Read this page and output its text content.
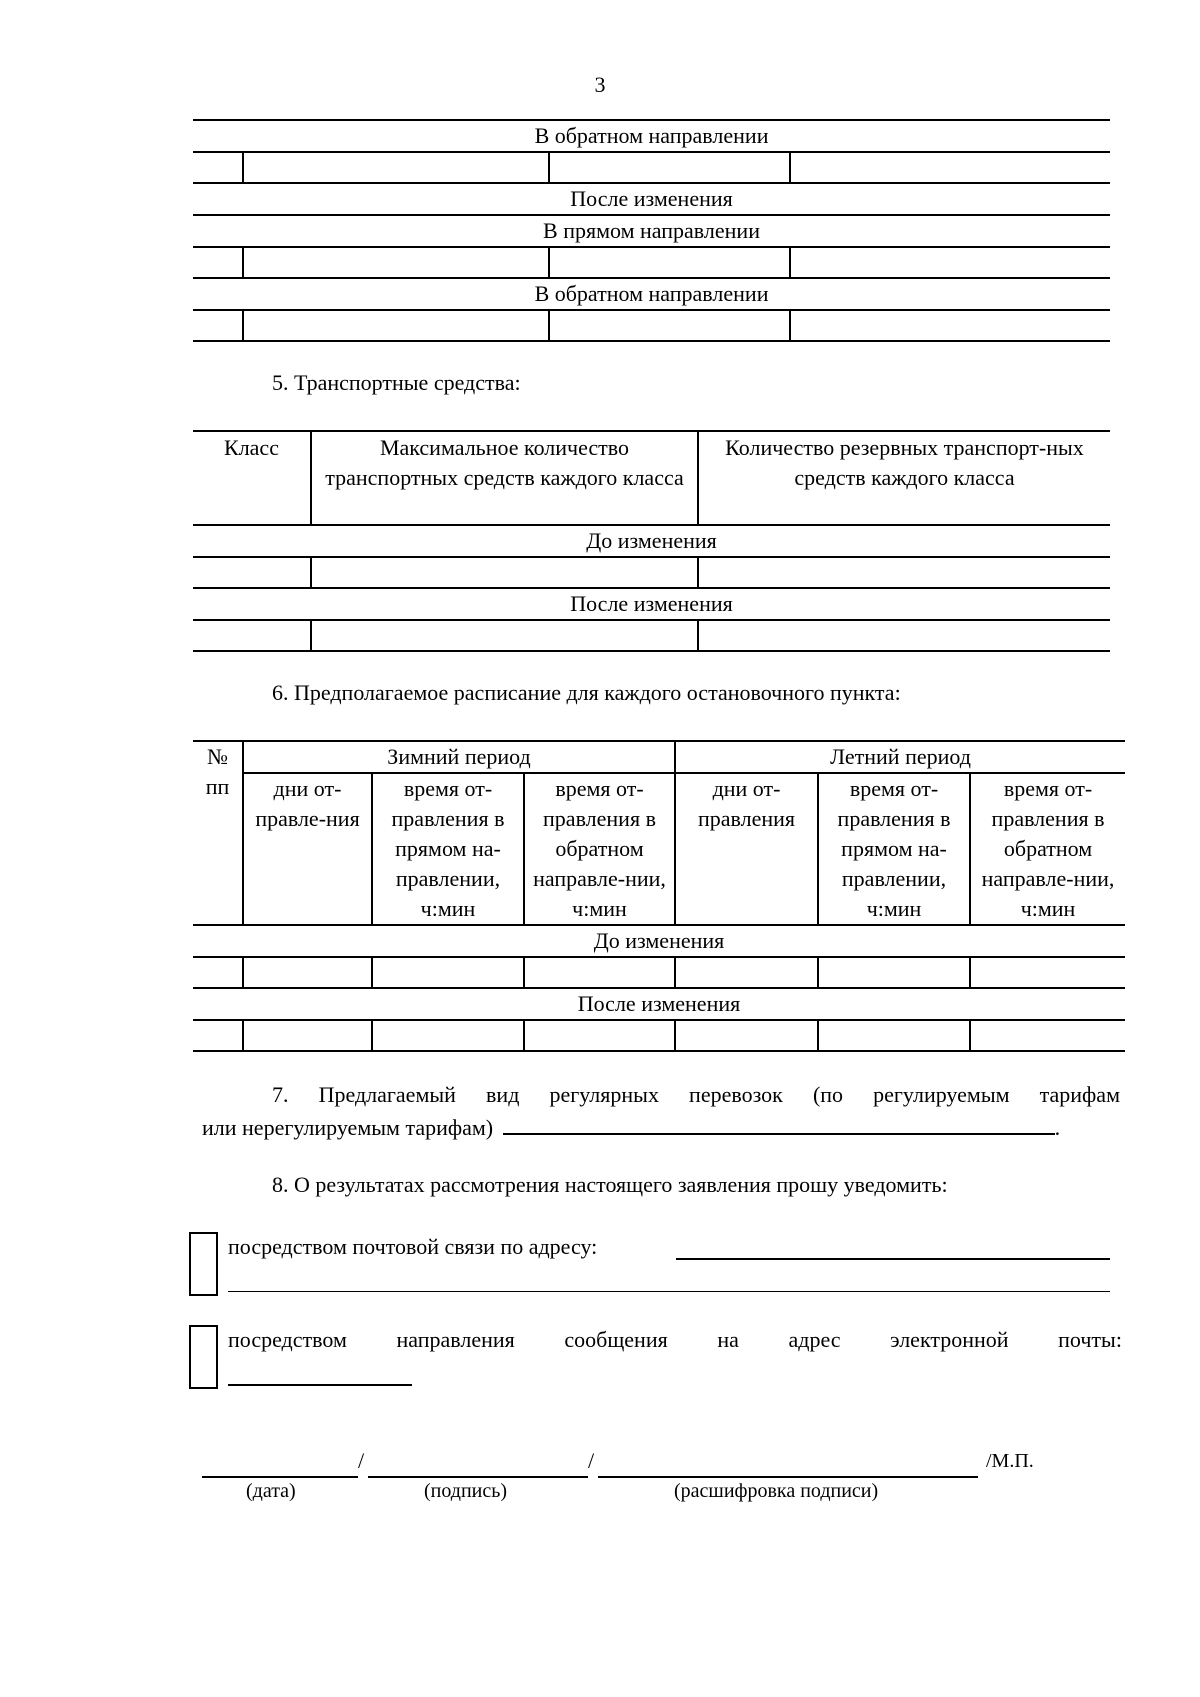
3
В обратном направлении			

После изменения			
В прямом направлении			

В обратном направлении			

5. Транспортные средства:
Класс	Максимальное количество транспортных средств каждого класса	Количество резервных транспорт-ных средств каждого класса
До изменения		

После изменения		

6. Предполагаемое расписание для каждого остановочного пункта:
№ пп	Зимний период			Летний период		
	дни от-правле-ния	время от-правления в прямом на-правлении, ч:мин	время от-правления в обратном направле-нии, ч:мин	дни от-правления	время от-правления в прямом на-правлении, ч:мин	время от-правления в обратном направле-нии, ч:мин
До изменения						

После изменения						

7. Предлагаемый вид регулярных перевозок (по регулируемым тарифам
или нерегулируемым тарифам)	.
8. О результатах рассмотрения настоящего заявления прошу уведомить:
посредством почтовой связи по адресу:
посредством направления сообщения на адрес электронной почты:
/	/	/М.П.
(дата)	(подпись)	(расшифровка подписи)
